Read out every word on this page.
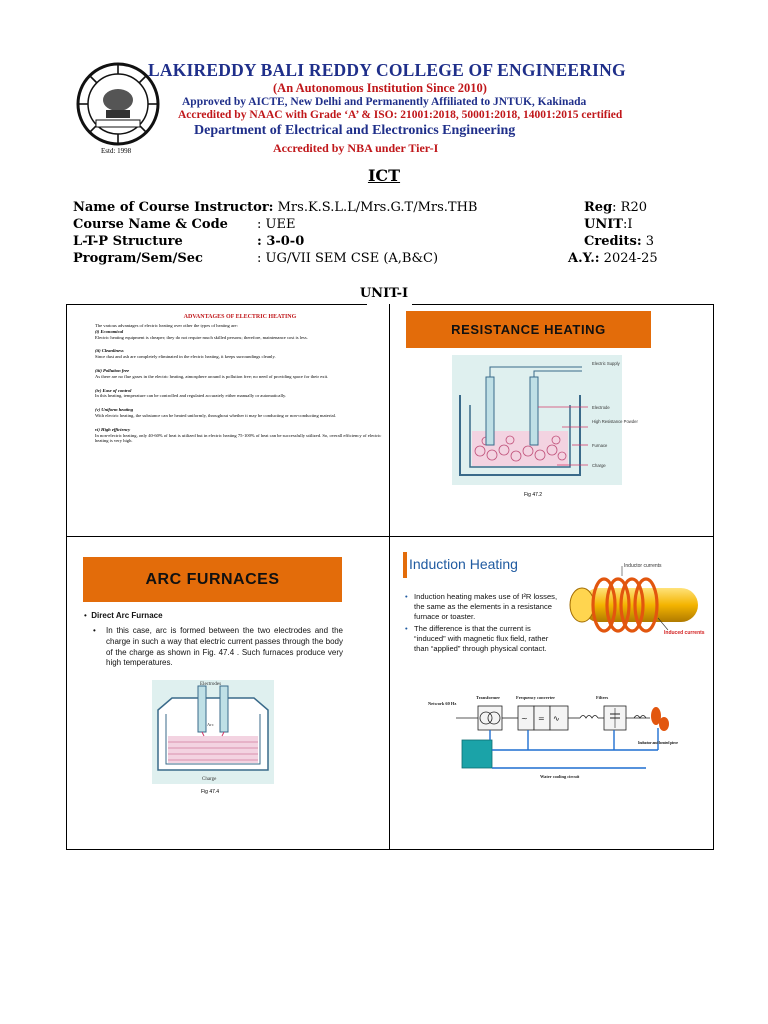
Estd: 1998
LAKIREDDY BALI REDDY COLLEGE OF ENGINEERING
(An Autonomous Institution Since 2010)
Approved by AICTE, New Delhi and Permanently Affiliated to JNTUK, Kakinada
Accredited by NAAC with Grade ‘A’ & ISO: 21001:2018, 50001:2018, 14001:2015 certified
Department of Electrical and Electronics Engineering
Accredited by NBA under Tier-I
ICT
Name of Course Instructor: Mrs.K.S.L.L/Mrs.G.T/Mrs.THB
Course Name & Code : UEE
L-T-P Structure	: 3-0-0
Program/Sem/Sec	: UG/VII SEM CSE (A,B&C)
Reg: R20
UNIT:I
Credits: 3
A.Y.: 2024-25
UNIT-I
ADVANTAGES OF ELECTRIC HEATING
The various advantages of electric heating over other the types of heating are:
(i) Economical
Electric heating equipment is cheaper; they do not require much skilled persons; therefore, maintenance cost is less.
(ii) Cleanliness
Since dust and ash are completely eliminated in the electric heating, it keeps surroundings cleanly.
(iii) Pollution free
As there are no flue gases in the electric heating, atmosphere around is pollution free; no need of providing space for their exit.
(iv) Ease of control
In this heating, temperature can be controlled and regulated accurately either manually or automatically.
(v) Uniform heating
With electric heating, the substance can be heated uniformly, throughout whether it may be conducting or non-conducting material.
vi) High efficiency
In non-electric heating, only 40-60% of heat is utilized but in electric heating 75-100% of heat can be successfully utilized. So, overall efficiency of electric heating is very high.
RESISTANCE HEATING
Electric Supply
Electrode
High Resistance Powder
Furnace
Charge
Fig 47.2
ARC FURNACES
•  Direct Arc Furnace
•	In this case, arc is formed between the two electrodes and the charge in such a way that electric current passes through the body of the charge as shown in Fig. 47.4 . Such furnaces produce very high temperatures.
Electrodes
Arc
Charge
Fig 47.4
Induction Heating
• Induction heating makes use of I²R losses, the same as the elements in a resistance furnace or toaster.
• The difference is that the current is “induced” with magnetic flux field, rather than “applied” through physical contact.
Inductor currents
Induced currents
~ = ∿
Network 60 Hz
Transformer	Frequency converter	Filters
Inductor and heated piece
Water cooling circuit
